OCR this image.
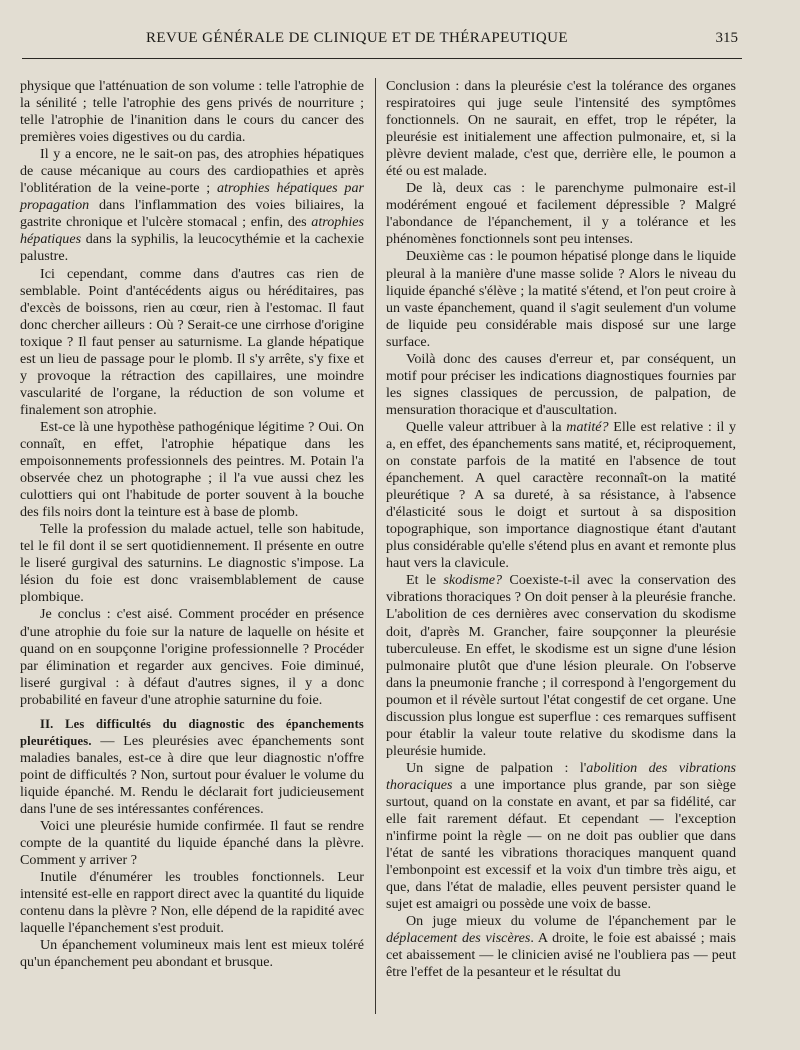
REVUE GÉNÉRALE DE CLINIQUE ET DE THÉRAPEUTIQUE	315

physique que l'atténuation de son volume : telle l'atrophie de la sénilité ; telle l'atrophie des gens privés de nourriture ; telle l'atrophie de l'inanition dans le cours du cancer des premières voies digestives ou du cardia.

Il y a encore, ne le sait-on pas, des atrophies hépatiques de cause mécanique au cours des cardiopathies et après l'oblitération de la veine-porte ; atrophies hépatiques par propagation dans l'inflammation des voies biliaires, la gastrite chronique et l'ulcère stomacal ; enfin, des atrophies hépatiques dans la syphilis, la leucocythémie et la cachexie palustre.

Ici cependant, comme dans d'autres cas rien de semblable. Point d'antécédents aigus ou héréditaires, pas d'excès de boissons, rien au cœur, rien à l'estomac. Il faut donc chercher ailleurs : Où ? Serait-ce une cirrhose d'origine toxique ? Il faut penser au saturnisme. La glande hépatique est un lieu de passage pour le plomb. Il s'y arrête, s'y fixe et y provoque la rétraction des capillaires, une moindre vascularité de l'organe, la réduction de son volume et finalement son atrophie.

Est-ce là une hypothèse pathogénique légitime ? Oui. On connaît, en effet, l'atrophie hépatique dans les empoisonnements professionnels des peintres. M. Potain l'a observée chez un photographe ; il l'a vue aussi chez les culottiers qui ont l'habitude de porter souvent à la bouche des fils noirs dont la teinture est à base de plomb.

Telle la profession du malade actuel, telle son habitude, tel le fil dont il se sert quotidiennement. Il présente en outre le liseré gurgival des saturnins. Le diagnostic s'impose. La lésion du foie est donc vraisemblablement de cause plombique.

Je conclus : c'est aisé. Comment procéder en présence d'une atrophie du foie sur la nature de laquelle on hésite et quand on en soupçonne l'origine professionnelle ? Procéder par élimination et regarder aux gencives. Foie diminué, liseré gurgival : à défaut d'autres signes, il y a donc probabilité en faveur d'une atrophie saturnine du foie.

II. Les difficultés du diagnostic des épanchements pleurétiques. — Les pleurésies avec épanchements sont maladies banales, est-ce à dire que leur diagnostic n'offre point de difficultés ? Non, surtout pour évaluer le volume du liquide épanché. M. Rendu le déclarait fort judicieusement dans l'une de ses intéressantes conférences.

Voici une pleurésie humide confirmée. Il faut se rendre compte de la quantité du liquide épanché dans la plèvre. Comment y arriver ?

Inutile d'énumérer les troubles fonctionnels. Leur intensité est-elle en rapport direct avec la quantité du liquide contenu dans la plèvre ? Non, elle dépend de la rapidité avec laquelle l'épanchement s'est produit.

Un épanchement volumineux mais lent est mieux toléré qu'un épanchement peu abondant et brusque.

Conclusion : dans la pleurésie c'est la tolérance des organes respiratoires qui juge seule l'intensité des symptômes fonctionnels. On ne saurait, en effet, trop le répéter, la pleurésie est initialement une affection pulmonaire, et, si la plèvre devient malade, c'est que, derrière elle, le poumon a été ou est malade.

De là, deux cas : le parenchyme pulmonaire est-il modérément engoué et facilement dépressible ? Malgré l'abondance de l'épanchement, il y a tolérance et les phénomènes fonctionnels sont peu intenses.

Deuxième cas : le poumon hépatisé plonge dans le liquide pleural à la manière d'une masse solide ? Alors le niveau du liquide épanché s'élève ; la matité s'étend, et l'on peut croire à un vaste épanchement, quand il s'agit seulement d'un volume de liquide peu considérable mais disposé sur une large surface.

Voilà donc des causes d'erreur et, par conséquent, un motif pour préciser les indications diagnostiques fournies par les signes classiques de percussion, de palpation, de mensuration thoracique et d'auscultation.

Quelle valeur attribuer à la matité? Elle est relative : il y a, en effet, des épanchements sans matité, et, réciproquement, on constate parfois de la matité en l'absence de tout épanchement. A quel caractère reconnaît-on la matité pleurétique ? A sa dureté, à sa résistance, à l'absence d'élasticité sous le doigt et surtout à sa disposition topographique, son importance diagnostique étant d'autant plus considérable qu'elle s'étend plus en avant et remonte plus haut vers la clavicule.

Et le skodisme? Coexiste-t-il avec la conservation des vibrations thoraciques ? On doit penser à la pleurésie franche. L'abolition de ces dernières avec conservation du skodisme doit, d'après M. Grancher, faire soupçonner la pleurésie tuberculeuse. En effet, le skodisme est un signe d'une lésion pulmonaire plutôt que d'une lésion pleurale. On l'observe dans la pneumonie franche ; il correspond à l'engorgement du poumon et il révèle surtout l'état congestif de cet organe. Une discussion plus longue est superflue : ces remarques suffisent pour établir la valeur toute relative du skodisme dans la pleurésie humide.

Un signe de palpation : l'abolition des vibrations thoraciques a une importance plus grande, par son siège surtout, quand on la constate en avant, et par sa fidélité, car elle fait rarement défaut. Et cependant — l'exception n'infirme point la règle — on ne doit pas oublier que dans l'état de santé les vibrations thoraciques manquent quand l'embonpoint est excessif et la voix d'un timbre très aigu, et que, dans l'état de maladie, elles peuvent persister quand le sujet est amaigri ou possède une voix de basse.

On juge mieux du volume de l'épanchement par le déplacement des viscères. A droite, le foie est abaissé ; mais cet abaissement — le clinicien avisé ne l'oubliera pas — peut être l'effet de la pesanteur et le résultat du
